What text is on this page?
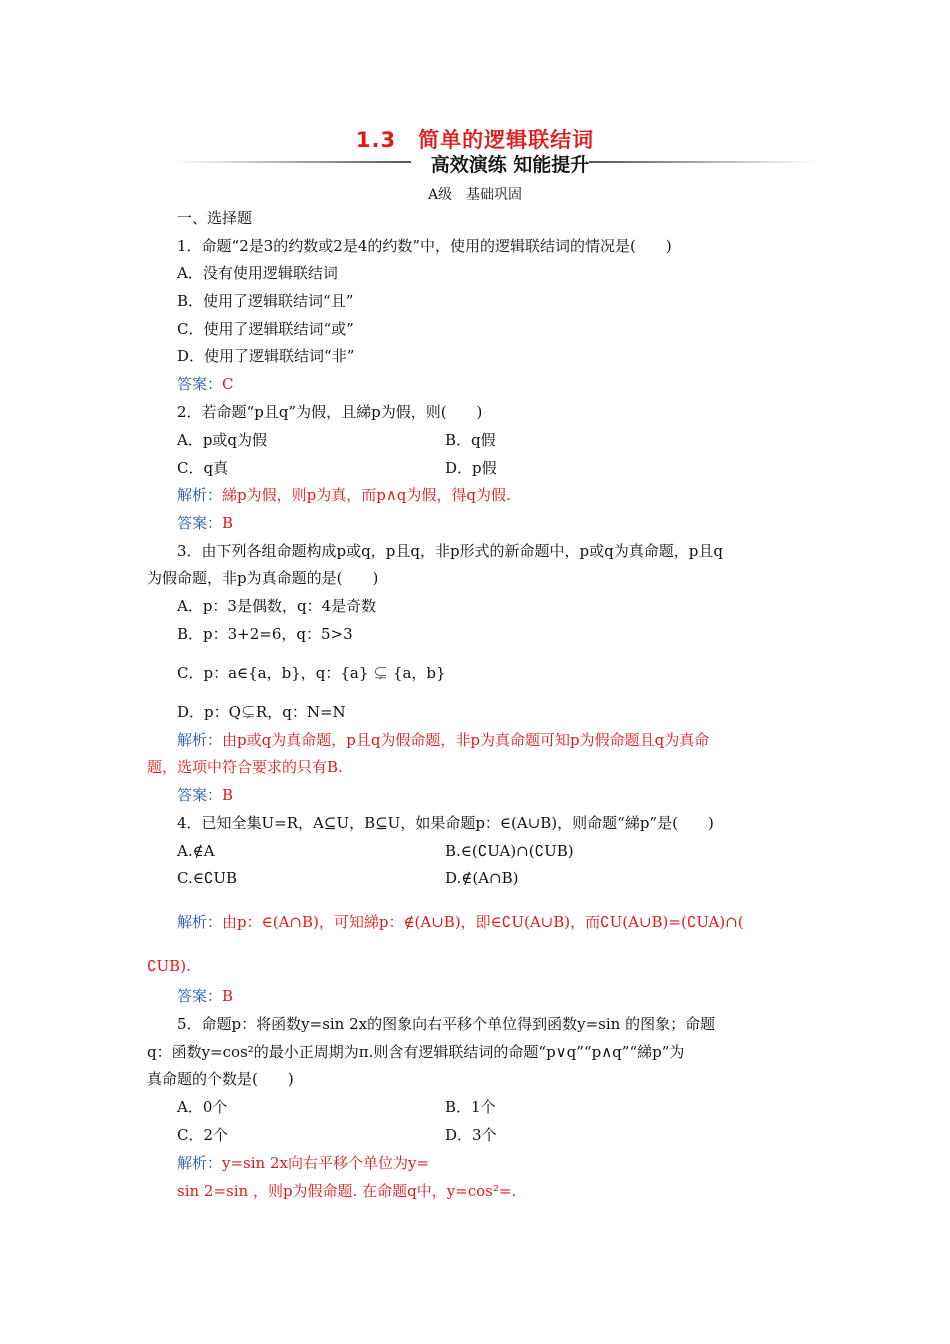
1.3　简单的逻辑联结词
高效演练 知能提升
A级　基础巩固
一、选择题
1．命题“2是3的约数或2是4的约数”中，使用的逻辑联结词的情况是(　　)
A．没有使用逻辑联结词
B．使用了逻辑联结词“且”
C．使用了逻辑联结词“或”
D．使用了逻辑联结词“非”
答案：C
2．若命题“p且q”为假，且綈p为假，则(　　)
A．p或q为假	B．q假
C．q真	D．p假
解析：綈p为假，则p为真，而p∧q为假，得q为假.
答案：B
3．由下列各组命题构成p或q，p且q，非p形式的新命题中，p或q为真命题，p且q
为假命题，非p为真命题的是(　　)
A．p：3是偶数，q：4是奇数
B．p：3+2=6，q：5>3
C．p：a∈{a，b}，q：{a} ⊊ {a，b}
D．p：Q⊊R，q：N=N
解析：由p或q为真命题，p且q为假命题，非p为真命题可知p为假命题且q为真命
题，选项中符合要求的只有B.
答案：B
4．已知全集U=R，A⊆U，B⊆U，如果命题p：∈(A∪B)，则命题“綈p”是(　　)
A.∉A	B.∈(∁UA)∩(∁UB)
C.∈∁UB	D.∉(A∩B)
解析：由p：∈(A∩B)，可知綈p：∉(A∪B)，即∈∁U(A∪B)，而∁U(A∪B)=(∁UA)∩(
∁UB).
答案：B
5．命题p：将函数y=sin 2x的图象向右平移个单位得到函数y=sin 的图象；命题
q：函数y=cos²的最小正周期为π.则含有逻辑联结词的命题“p∨q”“p∧q”“綈p”为
真命题的个数是(　　)
A．0个	B．1个
C．2个	D．3个
解析：y=sin 2x向右平移个单位为y=
sin 2=sin ，则p为假命题. 在命题q中，y=cos²=.
